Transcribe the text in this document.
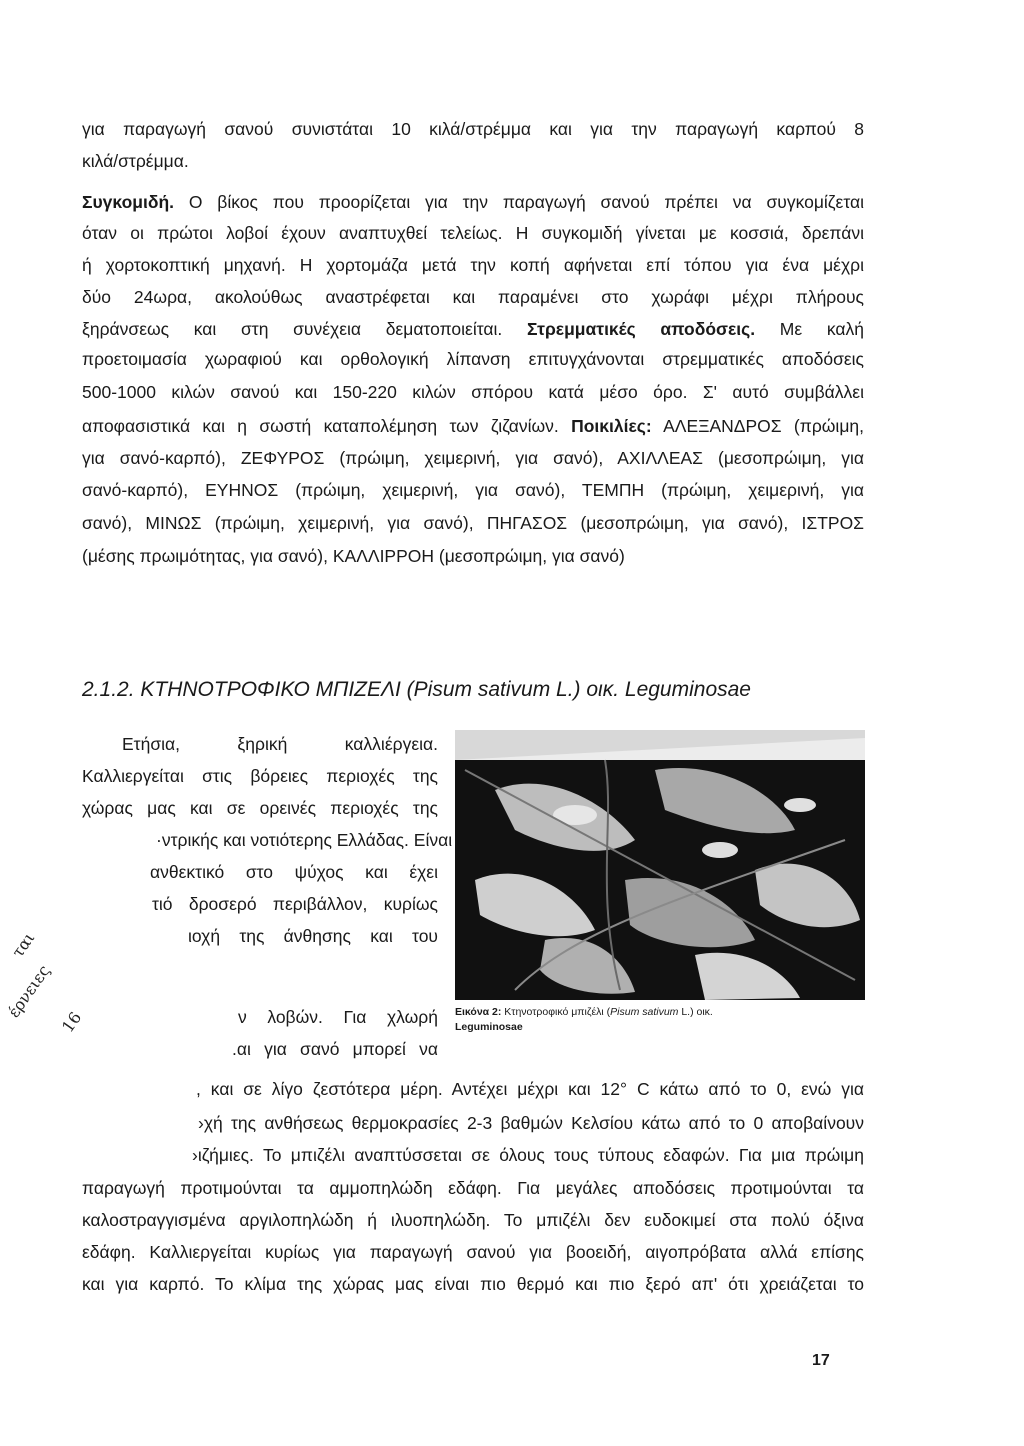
για παραγωγή σανού συνιστάται 10 κιλά/στρέμμα και για την παραγωγή καρπού 8
κιλά/στρέμμα.
Συγκομιδή. Ο βίκος που προορίζεται για την παραγωγή σανού πρέπει να συγκομίζεται
όταν οι πρώτοι λοβοί έχουν αναπτυχθεί τελείως. Η συγκομιδή γίνεται με κοσσιά, δρεπάνι
ή χορτοκοπτική μηχανή. Η χορτομάζα μετά την κοπή αφήνεται επί τόπου για ένα μέχρι
δύο 24ωρα, ακολούθως αναστρέφεται και παραμένει στο χωράφι μέχρι πλήρους
ξηράνσεως και στη συνέχεια δεματοποιείται. Στρεμματικές αποδόσεις. Με καλή
προετοιμασία χωραφιού και ορθολογική λίπανση επιτυγχάνονται στρεμματικές αποδόσεις
500-1000 κιλών σανού και 150-220 κιλών σπόρου κατά μέσο όρο. Σ' αυτό συμβάλλει
αποφασιστικά και η σωστή καταπολέμηση των ζιζανίων. Ποικιλίες: ΑΛΕΞΑΝΔΡΟΣ (πρώιμη,
για σανό-καρπό), ΖΕΦΥΡΟΣ (πρώιμη, χειμερινή, για σανό), ΑΧΙΛΛΕΑΣ (μεσοπρώιμη, για
σανό-καρπό), ΕΥΗΝΟΣ (πρώιμη, χειμερινή, για σανό), ΤΕΜΠΗ (πρώιμη, χειμερινή, για
σανό), ΜΙΝΩΣ (πρώιμη, χειμερινή, για σανό), ΠΗΓΑΣΟΣ (μεσοπρώιμη, για σανό), ΙΣΤΡΟΣ
(μέσης πρωιμότητας, για σανό), ΚΑΛΛΙΡΡΟΗ (μεσοπρώιμη, για σανό)
2.1.2. ΚΤΗΝΟΤΡΟΦΙΚΟ ΜΠΙΖΕΛΙ (Pisum sativum L.) οικ. Leguminosae
Ετήσια, ξηρική καλλιέργεια.
Καλλιεργείται στις βόρειες περιοχές της
χώρας μας και σε ορεινές περιοχές της
·ντρικής και νοτιότερης Ελλάδας. Είναι
ανθεκτικό στο ψύχος και έχει
τιό δροσερό περιβάλλον, κυρίως
ιοχή της άνθησης και του
ν λοβών. Για χλωρή
.αι για σανό μπορεί να
Εικόνα 2: Κτηνοτροφικό μπιζέλι (Pisum sativum L.) οικ.
Leguminosae
, και σε λίγο ζεστότερα μέρη. Αντέχει μέχρι και 12° C κάτω από το 0, ενώ για
›χή της ανθήσεως θερμοκρασίες 2-3 βαθμών Κελσίου κάτω από το 0 αποβαίνουν
›ιζήμιες. Το μπιζέλι αναπτύσσεται σε όλους τους τύπους εδαφών. Για μια πρώιμη
παραγωγή προτιμούνται τα αμμοπηλώδη εδάφη. Για μεγάλες αποδόσεις προτιμούνται τα
καλοστραγγισμένα αργιλοπηλώδη ή ιλυοπηλώδη. Το μπιζέλι δεν ευδοκιμεί στα πολύ όξινα
εδάφη. Καλλιεργείται κυρίως για παραγωγή σανού για βοοειδή, αιγοπρόβατα αλλά επίσης
και για καρπό. Το κλίμα της χώρας μας είναι πιο θερμό και πιο ξερό απ' ότι χρειάζεται το
17
ται
έρνειες
16
